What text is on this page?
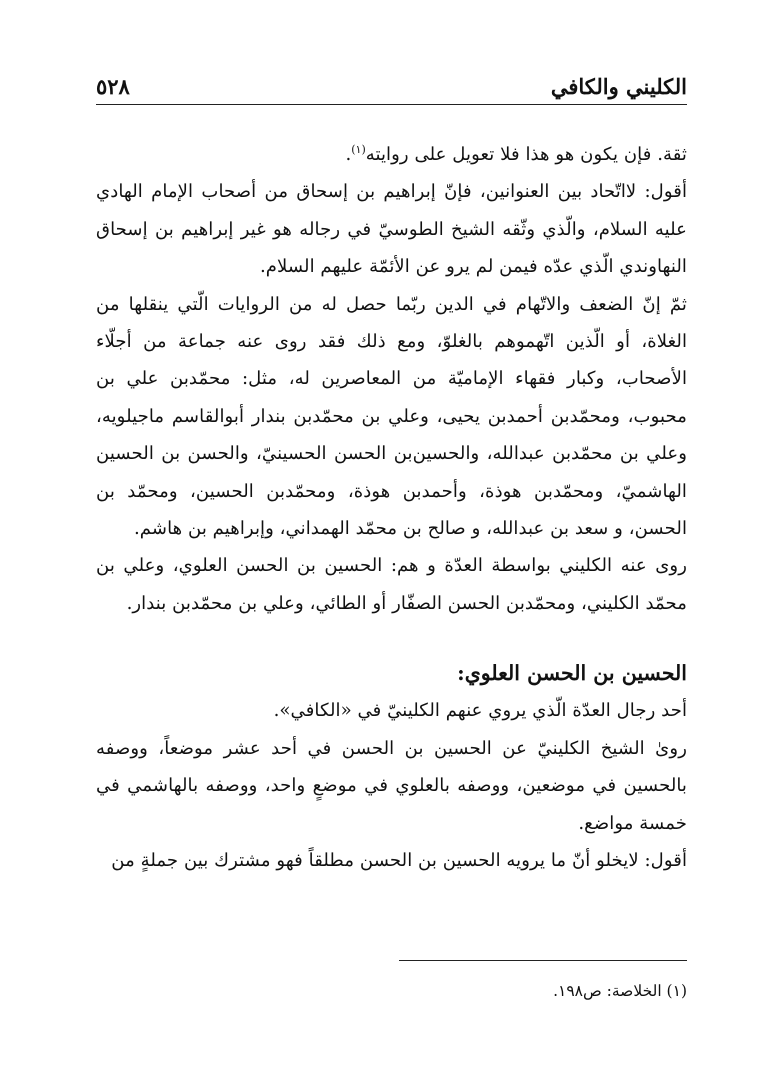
الكليني والكافي
٥٢٨

ثقة. فإن يكون هو هذا فلا تعويل على روايته$^{(١)}$.

أقول: لااتّحاد بين العنوانين، فإنّ إبراهيم بن إسحاق من أصحاب الإمام الهادي عليه السلام، والّذي وثّقه الشيخ الطوسيّ في رجاله هو غير إبراهيم بن إسحاق النهاوندي الّذي عدّه فيمن لم يرو عن الأئمّة عليهم السلام.

ثمّ إنّ الضعف والاتّهام في الدين ربّما حصل له من الروايات الّتي ينقلها من الغلاة، أو الّذين اتّهموهم بالغلوّ، ومع ذلك فقد روى عنه جماعة من أجلّاء الأصحاب، وكبار فقهاء الإماميّة من المعاصرين له، مثل: محمّدبن علي بن محبوب، ومحمّدبن أحمدبن يحيى، وعلي بن محمّدبن بندار أبوالقاسم ماجيلويه، وعلي بن محمّدبن عبدالله، والحسين‌بن الحسن الحسينيّ، والحسن بن الحسين الهاشميّ، ومحمّدبن هوذة، وأحمدبن هوذة، ومحمّدبن الحسين، ومحمّد بن الحسن، و سعد بن عبدالله، و صالح بن محمّد الهمداني، وإبراهيم بن هاشم.

روى عنه الكليني بواسطة العدّة و هم: الحسين بن الحسن العلوي، وعلي بن محمّد الكليني، ومحمّدبن الحسن الصفّار أو الطائي، وعلي بن محمّدبن بندار.

الحسين بن الحسن العلوي:

أحد رجال العدّة الّذي يروي عنهم الكلينيّ في «الكافي».

روىٰ الشيخ الكلينيّ عن الحسين بن الحسن في أحد عشر موضعاً، ووصفه بالحسين في موضعين، ووصفه بالعلوي في موضعٍ واحد، ووصفه بالهاشمي في خمسة مواضع.

أقول: لايخلو أنّ ما يرويه الحسين بن الحسن مطلقاً فهو مشترك بين جملةٍ من

(١) الخلاصة: ص١٩٨.
